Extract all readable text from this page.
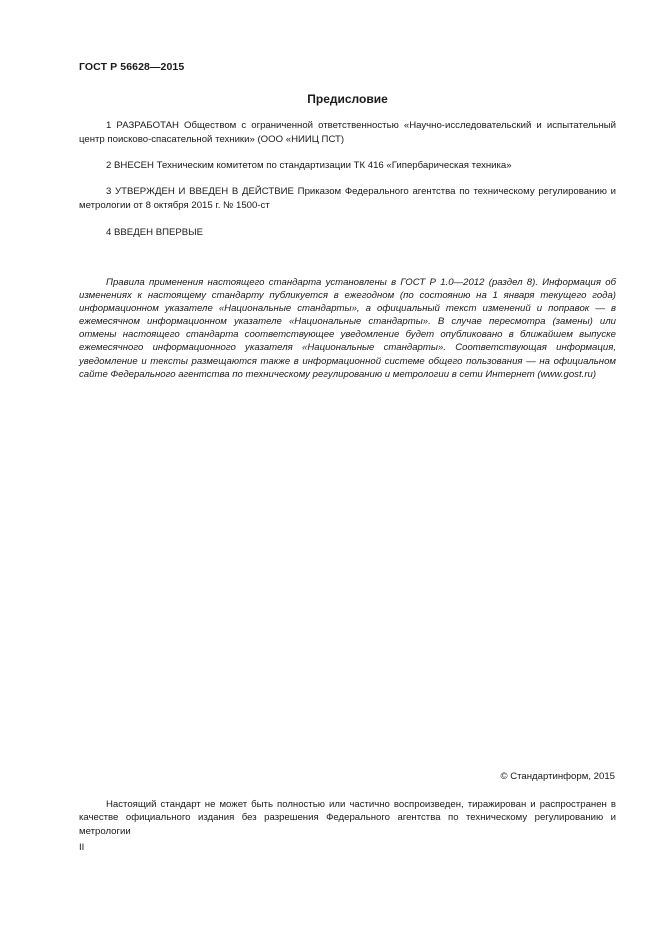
ГОСТ Р 56628—2015
Предисловие

1 РАЗРАБОТАН Обществом с ограниченной ответственностью «Научно-исследовательский и испытательный центр поисково-спасательной техники» (ООО «НИИЦ ПСТ)

2 ВНЕСЕН Техническим комитетом по стандартизации ТК 416 «Гипербарическая техника»

3 УТВЕРЖДЕН И ВВЕДЕН В ДЕЙСТВИЕ Приказом Федерального агентства по техническому регулированию и метрологии от 8 октября 2015 г. № 1500-ст

4 ВВЕДЕН ВПЕРВЫЕ

Правила применения настоящего стандарта установлены в ГОСТ Р 1.0—2012 (раздел 8). Информация об изменениях к настоящему стандарту публикуется в ежегодном (по состоянию на 1 января текущего года) информационном указателе «Национальные стандарты», а официальный текст изменений и поправок — в ежемесячном информационном указателе «Национальные стандарты». В случае пересмотра (замены) или отмены настоящего стандарта соответствующее уведомление будет опубликовано в ближайшем выпуске ежемесячного информационного указателя «Национальные стандарты». Соответствующая информация, уведомление и тексты размещаются также в информационной системе общего пользования — на официальном сайте Федерального агентства по техническому регулированию и метрологии в сети Интернет (www.gost.ru)

© Стандартинформ, 2015

Настоящий стандарт не может быть полностью или частично воспроизведен, тиражирован и распространен в качестве официального издания без разрешения Федерального агентства по техническому регулированию и метрологии

II
